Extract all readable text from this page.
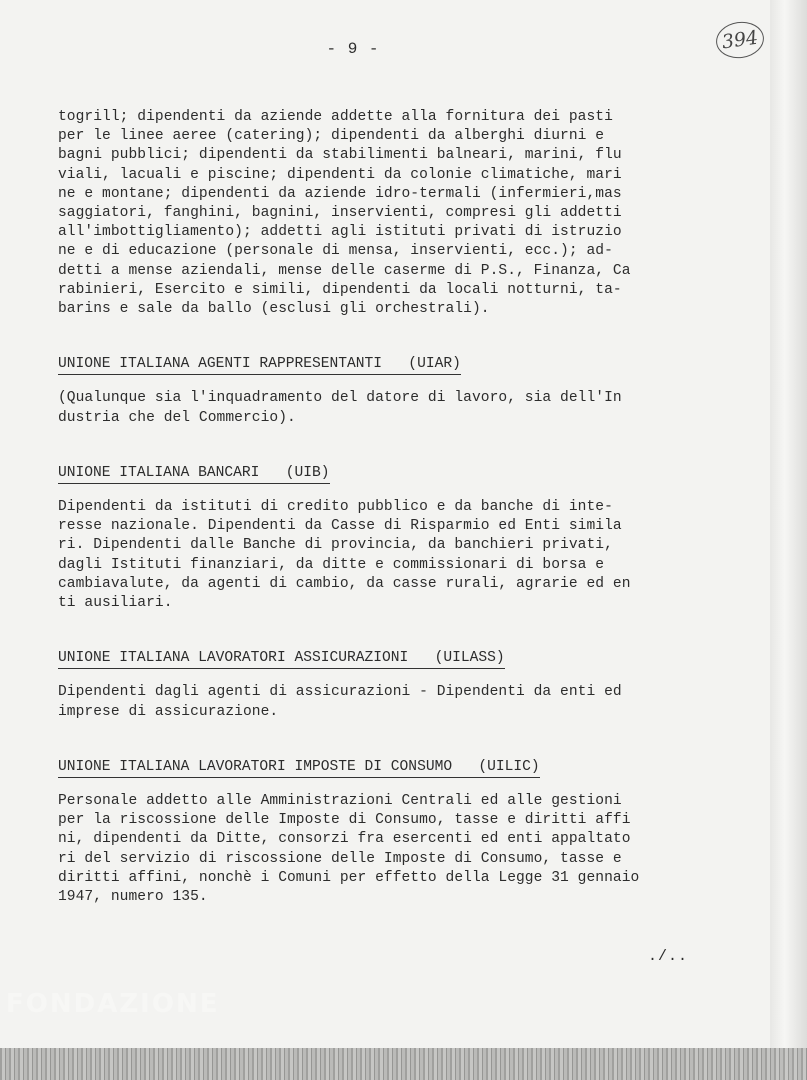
- 9 -	394

togrill; dipendenti da aziende addette alla fornitura dei pasti

per le linee aeree (catering); dipendenti da alberghi diurni e

bagni pubblici; dipendenti da stabilimenti balneari, marini, flu

viali, lacuali e piscine; dipendenti da colonie climatiche, mari

ne e montane; dipendenti da aziende idro-termali (infermieri,mas

saggiatori, fanghini, bagnini, inservienti, compresi gli addetti

all'imbottigliamento); addetti agli istituti privati di istruzio

ne e di educazione (personale di mensa, inservienti, ecc.); ad-

detti a mense aziendali, mense delle caserme di P.S., Finanza, Ca

rabinieri, Esercito e simili, dipendenti da locali notturni, ta-

barins e sale da ballo (esclusi gli orchestrali).

UNIONE ITALIANA AGENTI RAPPRESENTANTI   (UIAR)

(Qualunque sia l'inquadramento del datore di lavoro, sia dell'In

dustria che del Commercio).

UNIONE ITALIANA BANCARI   (UIB)

Dipendenti da istituti di credito pubblico e da banche di inte-

resse nazionale. Dipendenti da Casse di Risparmio ed Enti simila

ri. Dipendenti dalle Banche di provincia, da banchieri privati,

dagli Istituti finanziari, da ditte e commissionari di borsa e

cambiavalute, da agenti di cambio, da casse rurali, agrarie ed en

ti ausiliari.

UNIONE ITALIANA LAVORATORI ASSICURAZIONI   (UILASS)

Dipendenti dagli agenti di assicurazioni - Dipendenti da enti ed

imprese di assicurazione.

UNIONE ITALIANA LAVORATORI IMPOSTE DI CONSUMO   (UILIC)

Personale addetto alle Amministrazioni Centrali ed alle gestioni

per la riscossione delle Imposte di Consumo, tasse e diritti affi

ni, dipendenti da Ditte, consorzi fra esercenti ed enti appaltato

ri del servizio di riscossione delle Imposte di Consumo, tasse e

diritti affini, nonchè i Comuni per effetto della Legge 31 gennaio

1947, numero 135.

./..
FONDAZIONE
